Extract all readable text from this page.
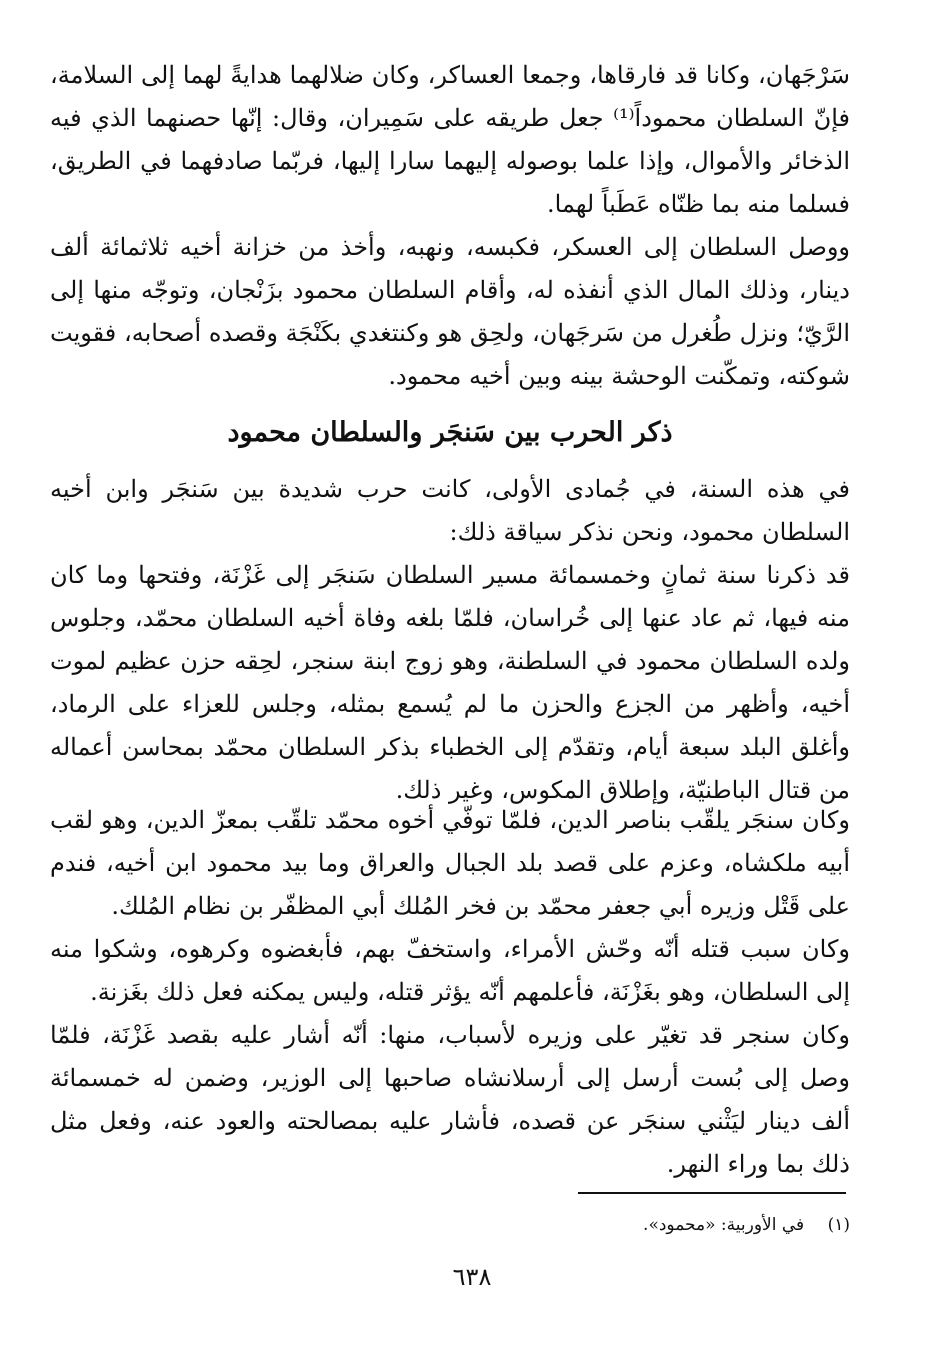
سَرْجَهان، وكانا قد فارقاها، وجمعا العساكر، وكان ضلالهما هدايةً لهما إلى السلامة، فإنّ السلطان محموداً⁽¹⁾ جعل طريقه على سَمِيران، وقال: إنّها حصنهما الذي فيه الذخائر والأموال، وإذا علما بوصوله إليهما سارا إليها، فربّما صادفهما في الطريق، فسلما منه بما ظنّاه عَطَباً لهما.

ووصل السلطان إلى العسكر، فكبسه، ونهبه، وأخذ من خزانة أخيه ثلاثمائة ألف دينار، وذلك المال الذي أنفذه له، وأقام السلطان محمود بزَنْجان، وتوجّه منها إلى الرَّيّ؛ ونزل طُغرل من سَرجَهان، ولحِق هو وكنتغدي بكَنْجَة وقصده أصحابه، فقويت شوكته، وتمكّنت الوحشة بينه وبين أخيه محمود.

ذكر الحرب بين سَنجَر والسلطان محمود

في هذه السنة، في جُمادى الأولى، كانت حرب شديدة بين سَنجَر وابن أخيه السلطان محمود، ونحن نذكر سياقة ذلك:

قد ذكرنا سنة ثمانٍ وخمسمائة مسير السلطان سَنجَر إلى غَزْنَة، وفتحها وما كان منه فيها، ثم عاد عنها إلى خُراسان، فلمّا بلغه وفاة أخيه السلطان محمّد، وجلوس ولده السلطان محمود في السلطنة، وهو زوج ابنة سنجر، لحِقه حزن عظيم لموت أخيه، وأظهر من الجزع والحزن ما لم يُسمع بمثله، وجلس للعزاء على الرماد، وأغلق البلد سبعة أيام، وتقدّم إلى الخطباء بذكر السلطان محمّد بمحاسن أعماله من قتال الباطنيّة، وإطلاق المكوس، وغير ذلك.

وكان سنجَر يلقّب بناصر الدين، فلمّا توفّي أخوه محمّد تلقّب بمعزّ الدين، وهو لقب أبيه ملكشاه، وعزم على قصد بلد الجبال والعراق وما بيد محمود ابن أخيه، فندم على قَتْل وزيره أبي جعفر محمّد بن فخر المُلك أبي المظفّر بن نظام المُلك.

وكان سبب قتله أنّه وحّش الأمراء، واستخفّ بهم، فأبغضوه وكرهوه، وشكوا منه إلى السلطان، وهو بغَزْنَة، فأعلمهم أنّه يؤثر قتله، وليس يمكنه فعل ذلك بغَزنة.

وكان سنجر قد تغيّر على وزيره لأسباب، منها: أنّه أشار عليه بقصد غَزْنَة، فلمّا وصل إلى بُست أرسل إلى أرسلانشاه صاحبها إلى الوزير، وضمن له خمسمائة ألف دينار ليَثْني سنجَر عن قصده، فأشار عليه بمصالحته والعود عنه، وفعل مثل ذلك بما وراء النهر.

(١) في الأوربية: «محمود».
٦٣٨
